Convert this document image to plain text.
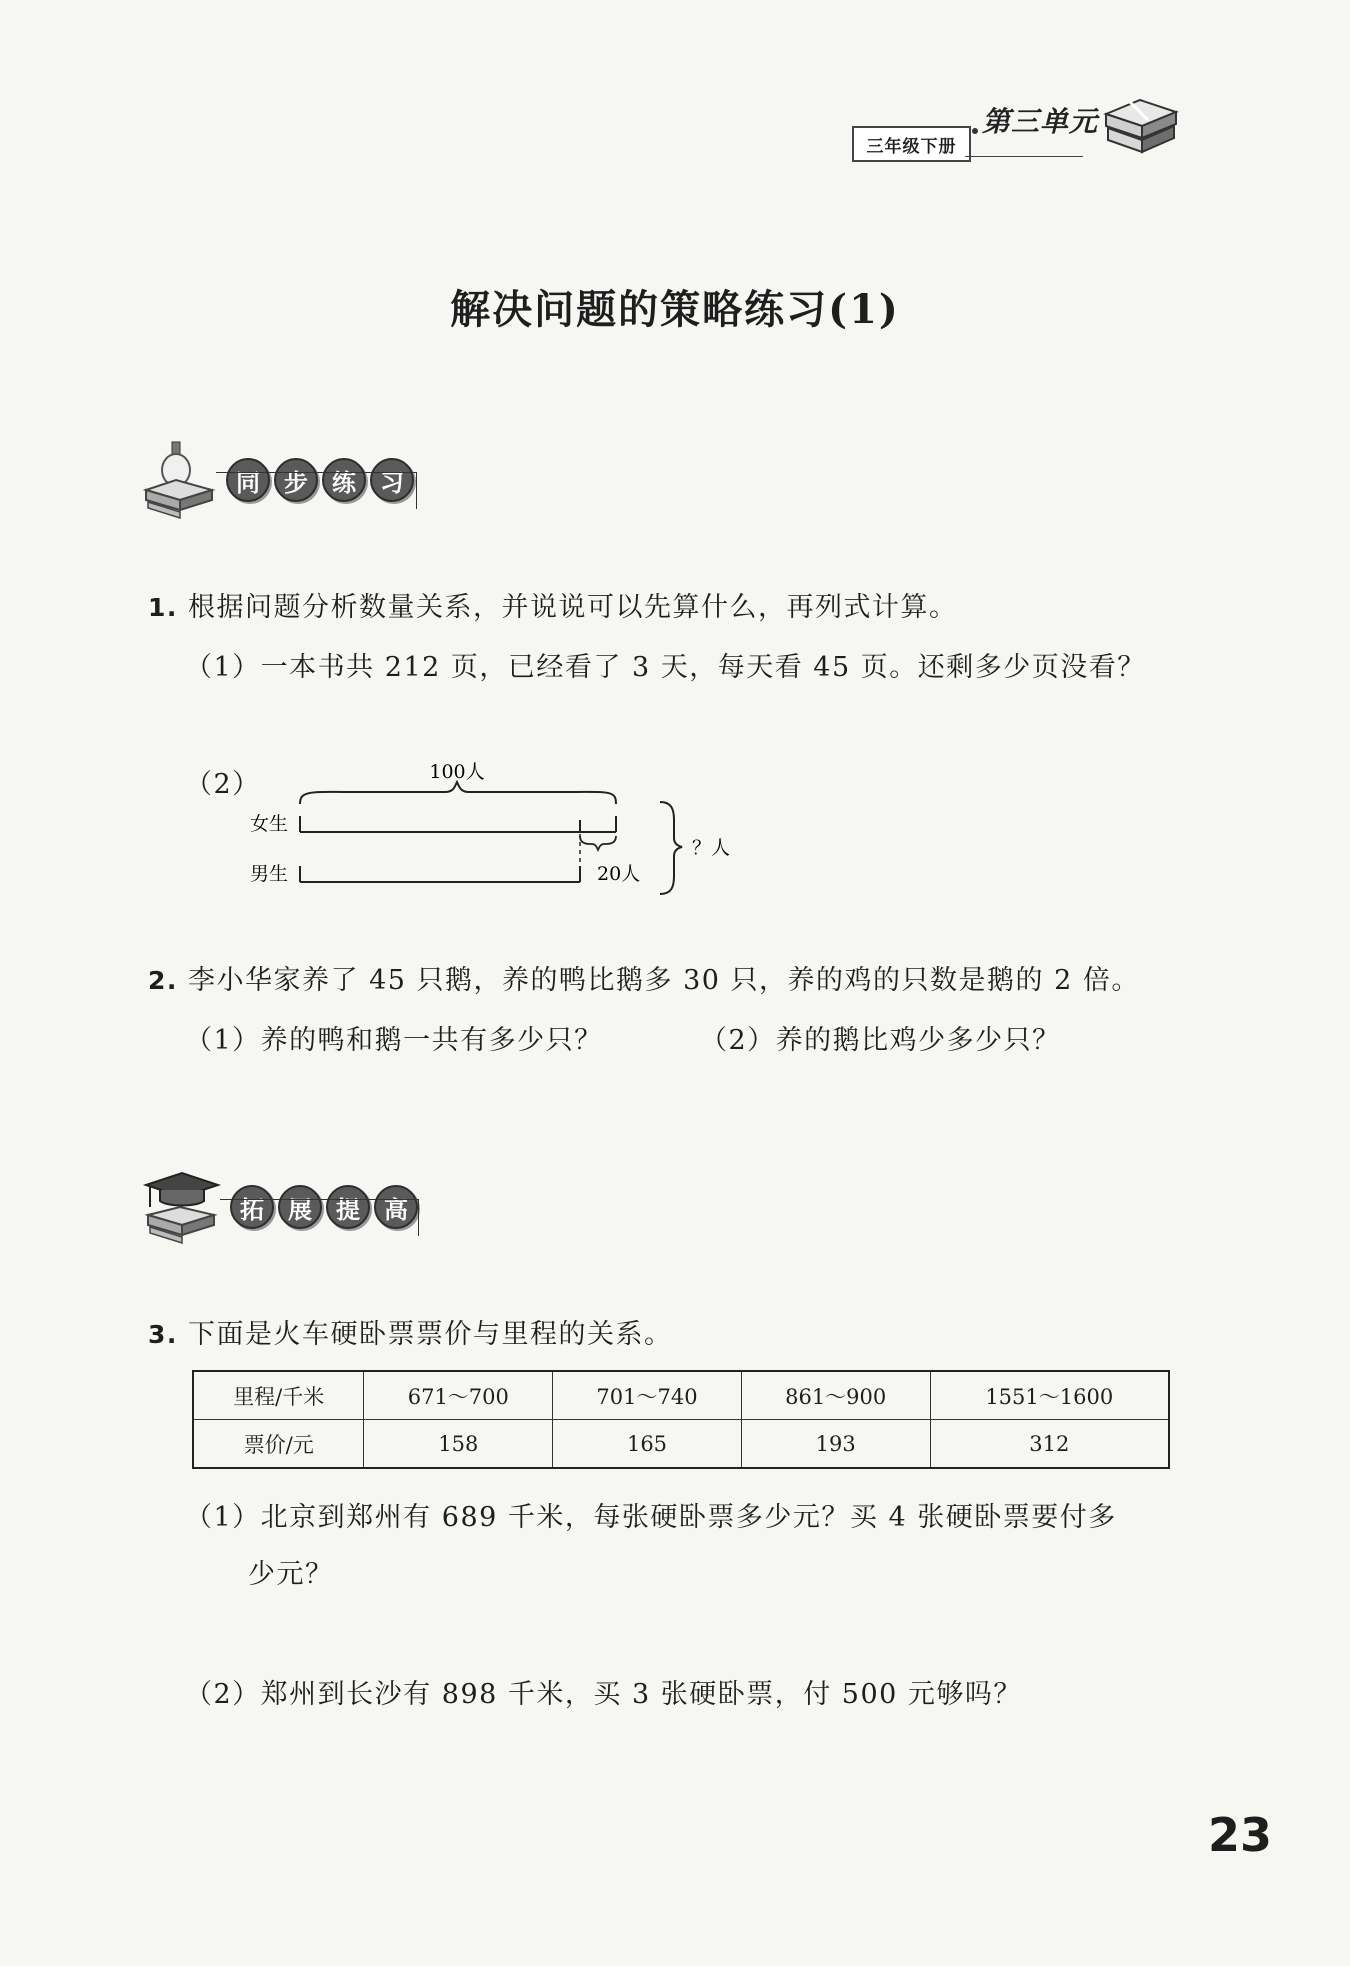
三年级下册
第三单元
解决问题的策略练习(1)
同	步	练	习
1. 根据问题分析数量关系，并说说可以先算什么，再列式计算。
（1）一本书共 212 页，已经看了 3 天，每天看 45 页。还剩多少页没看？
（2）	100人
女生
男生	20人
？人
2. 李小华家养了 45 只鹅，养的鸭比鹅多 30 只，养的鸡的只数是鹅的 2 倍。
（1）养的鸭和鹅一共有多少只？	（2）养的鹅比鸡少多少只？
拓	展	提	高
3. 下面是火车硬卧票票价与里程的关系。
里程/千米	671～700	701～740	861～900	1551～1600
票价/元	158	165	193	312
（1）北京到郑州有 689 千米，每张硬卧票多少元？买 4 张硬卧票要付多
少元？
（2）郑州到长沙有 898 千米，买 3 张硬卧票，付 500 元够吗？
23
